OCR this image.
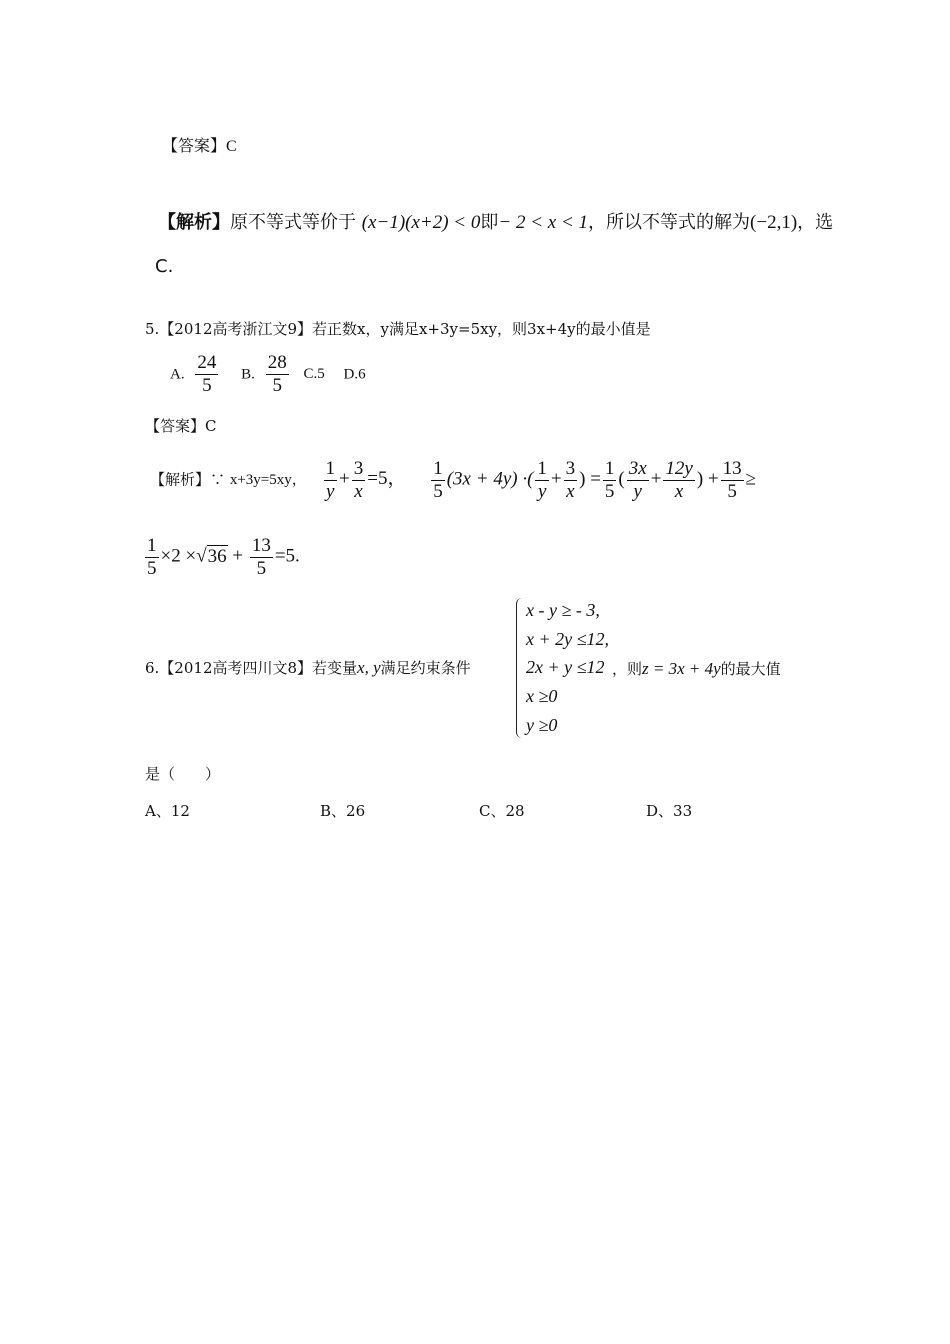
【答案】C
【解析】原不等式等价于 (x−1)(x+2) < 0即− 2 < x < 1，所以不等式的解为(−2,1)，选
C.
5.【2012高考浙江文9】若正数x，y满足x+3y=5xy，则3x+4y的最小值是
A. $\frac{24}{5} B$. $\frac{28}{5} C.5$ D.6
【答案】C
【解析】∵ x+3y=5xy， $\frac{1}{y} + \frac{3}{x} =5$， $\frac{1}{5} (3x + 4y)$ ·( $\frac{1}{y} + \frac{3}{x}$ ) = $\frac{1}{5}$ ( $\frac{3x}{y} + \frac{12y}{x}$ ) + $\frac{13}{5}$ ≥
$\frac{1}{5} \times 2 \times√36 + \frac{13}{5} =5$.
6.【2012高考四川文8】若变量x, y满足约束条件
x - y ≥ - 3,
x + 2y ≤12,
2x + y ≤12
x ≥0
y ≥0
，则z = 3x + 4y的最大值
是（　　）
A、12	B、26	C、28	D、33
